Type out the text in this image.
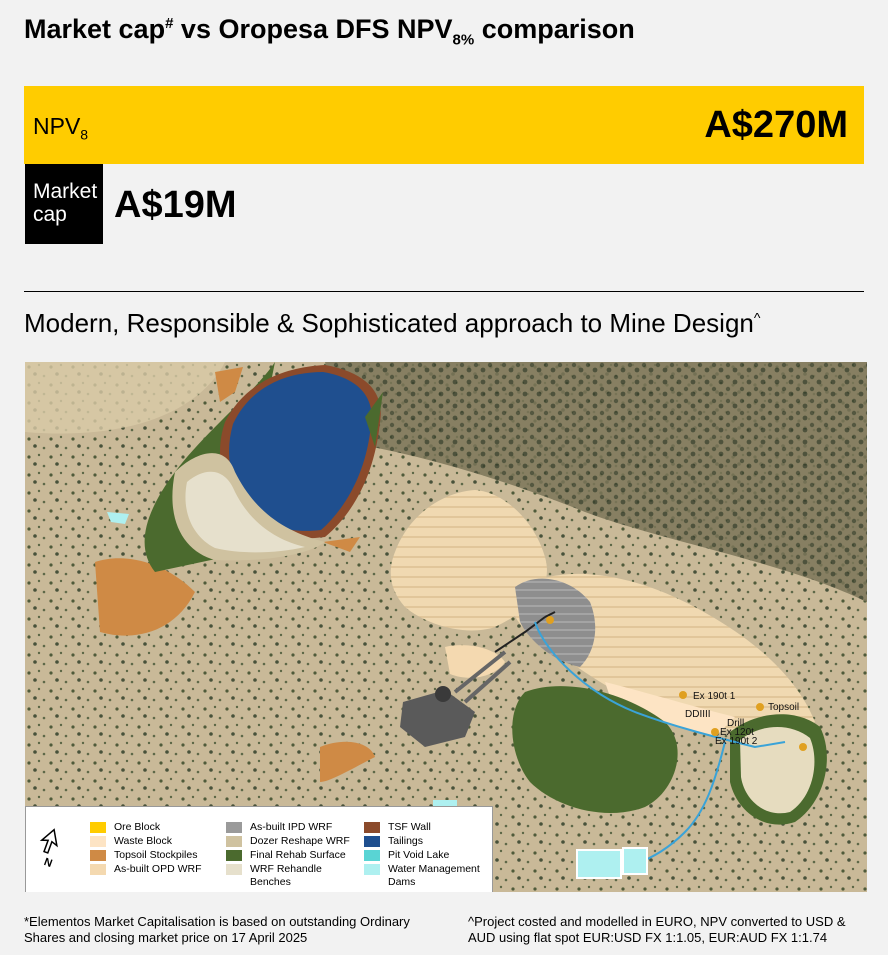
Market cap# vs Oropesa DFS $NPV_{8\%}$ comparison
$NPV_8$	A$270M
Market
cap	A$19M
Modern, Responsible & Sophisticated approach to Mine Design^
Ex 190t 1
DDIIII
Drill
Ex 120t
Ex 190t 2
Topsoil
N
Ore Block
Waste Block
Topsoil Stockpiles
As-built OPD WRF
As-built IPD WRF
Dozer Reshape WRF
Final Rehab Surface
WRF Rehandle Benches
TSF Wall
Tailings
Pit Void Lake
Water Management Dams
*Elementos Market Capitalisation is based on outstanding Ordinary Shares and closing market price on 17 April 2025
^Project costed and modelled in EURO, NPV converted to USD & AUD using flat spot EUR:USD FX 1:1.05, EUR:AUD FX 1:1.74
